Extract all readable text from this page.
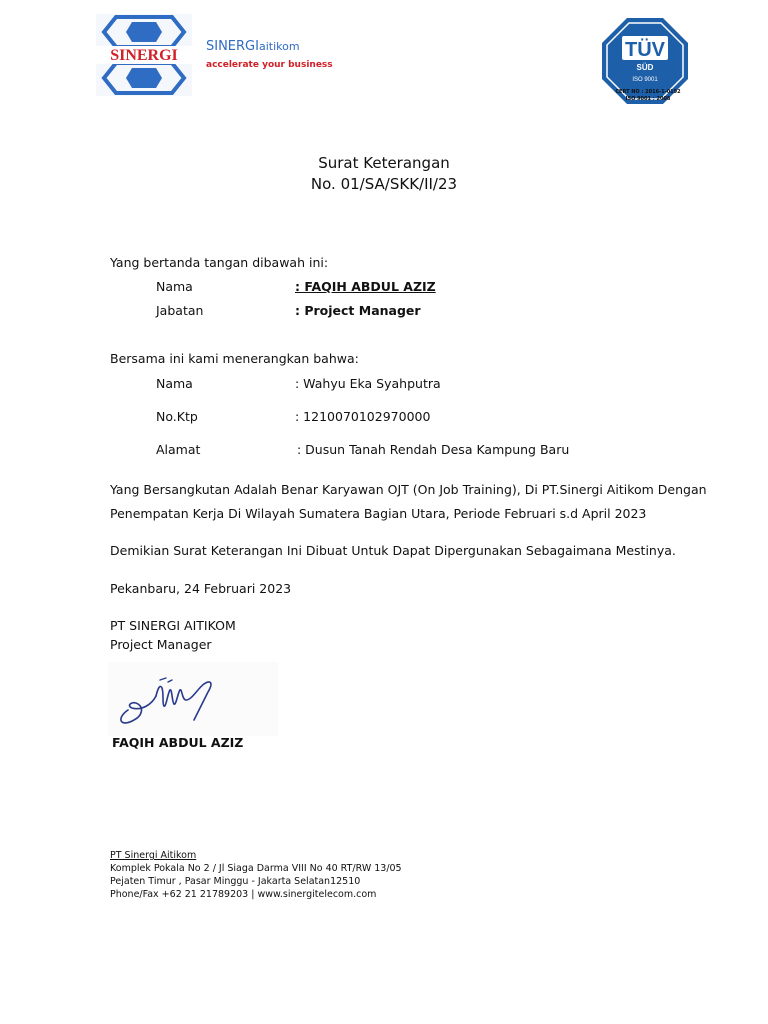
SINERGI
SINERGIaitikom
accelerate your business
TÜV
SÜD
ISO 9001
CERT NO : 2016-1-0192
ISO 9001 : 2008
Surat Keterangan
No. 01/SA/SKK/II/23
Yang bertanda tangan dibawah ini:
Nama	: FAQIH ABDUL AZIZ
Jabatan	: Project Manager
Bersama ini kami menerangkan bahwa:
Nama	: Wahyu Eka Syahputra
No.Ktp	: 1210070102970000
Alamat	: Dusun Tanah Rendah Desa Kampung Baru
Yang Bersangkutan Adalah Benar Karyawan OJT (On Job Training), Di PT.Sinergi Aitikom Dengan
Penempatan Kerja Di Wilayah Sumatera Bagian Utara, Periode Februari s.d April 2023
Demikian Surat Keterangan Ini Dibuat Untuk Dapat Dipergunakan Sebagaimana Mestinya.
Pekanbaru, 24 Februari 2023
PT SINERGI AITIKOM
Project Manager
FAQIH ABDUL AZIZ
PT Sinergi Aitikom
Komplek Pokala No 2 / Jl Siaga Darma VIII No 40 RT/RW 13/05
Pejaten Timur , Pasar Minggu - Jakarta Selatan12510
Phone/Fax +62 21 21789203 | www.sinergitelecom.com
